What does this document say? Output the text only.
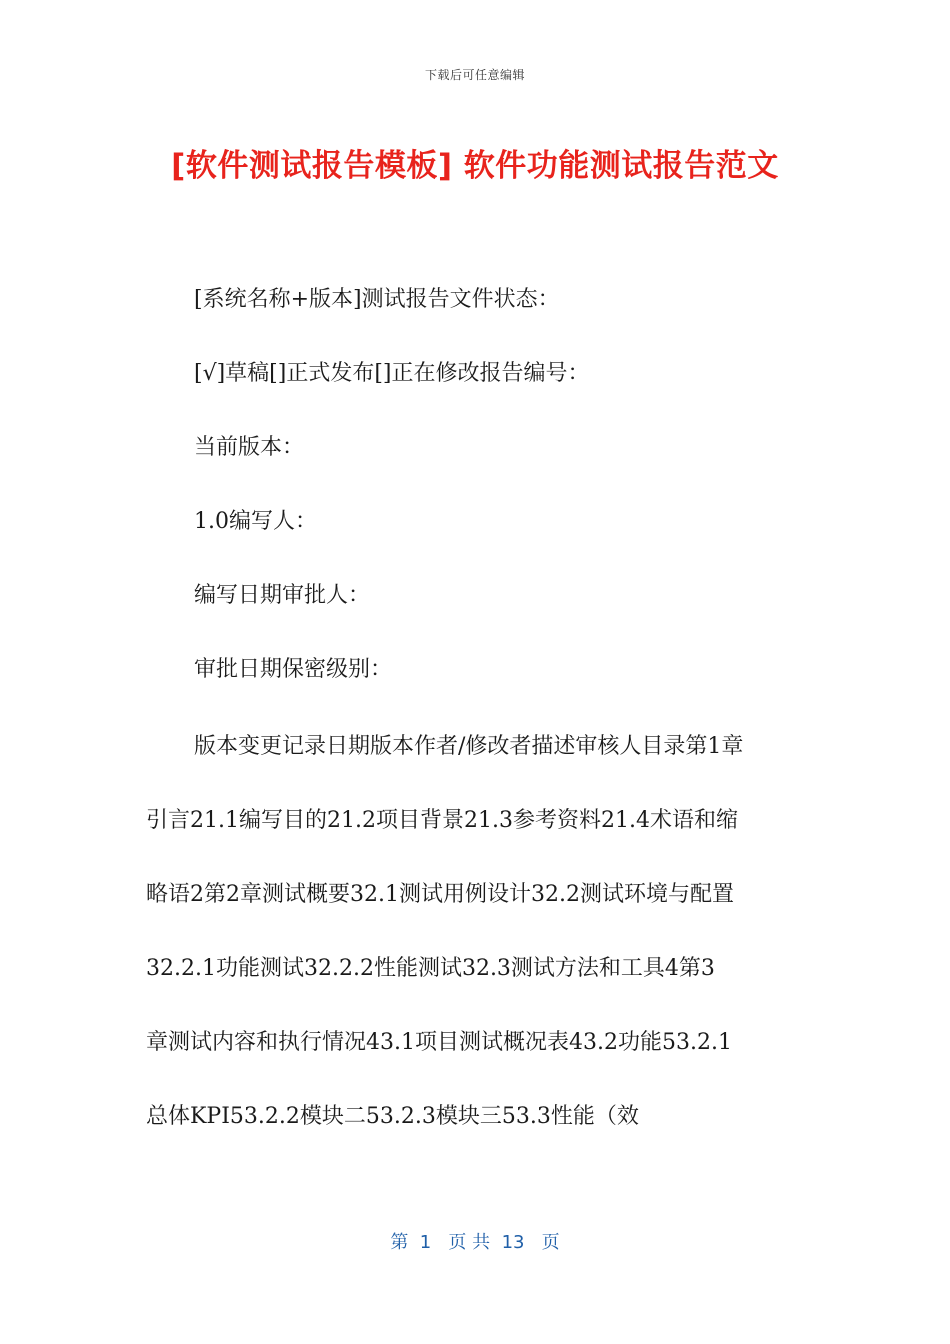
下载后可任意编辑
[软件测试报告模板] 软件功能测试报告范文
[系统名称+版本]测试报告文件状态：
[√]草稿[]正式发布[]正在修改报告编号：
当前版本：
1.0编写人：
编写日期审批人：
审批日期保密级别：
版本变更记录日期版本作者/修改者描述审核人目录第1章
引言21.1编写目的21.2项目背景21.3参考资料21.4术语和缩
略语2第2章测试概要32.1测试用例设计32.2测试环境与配置
32.2.1功能测试32.2.2性能测试32.3测试方法和工具4第3
章测试内容和执行情况43.1项目测试概况表43.2功能53.2.1
总体KPI53.2.2模块二53.2.3模块三53.3性能（效
第  1   页 共  13   页
